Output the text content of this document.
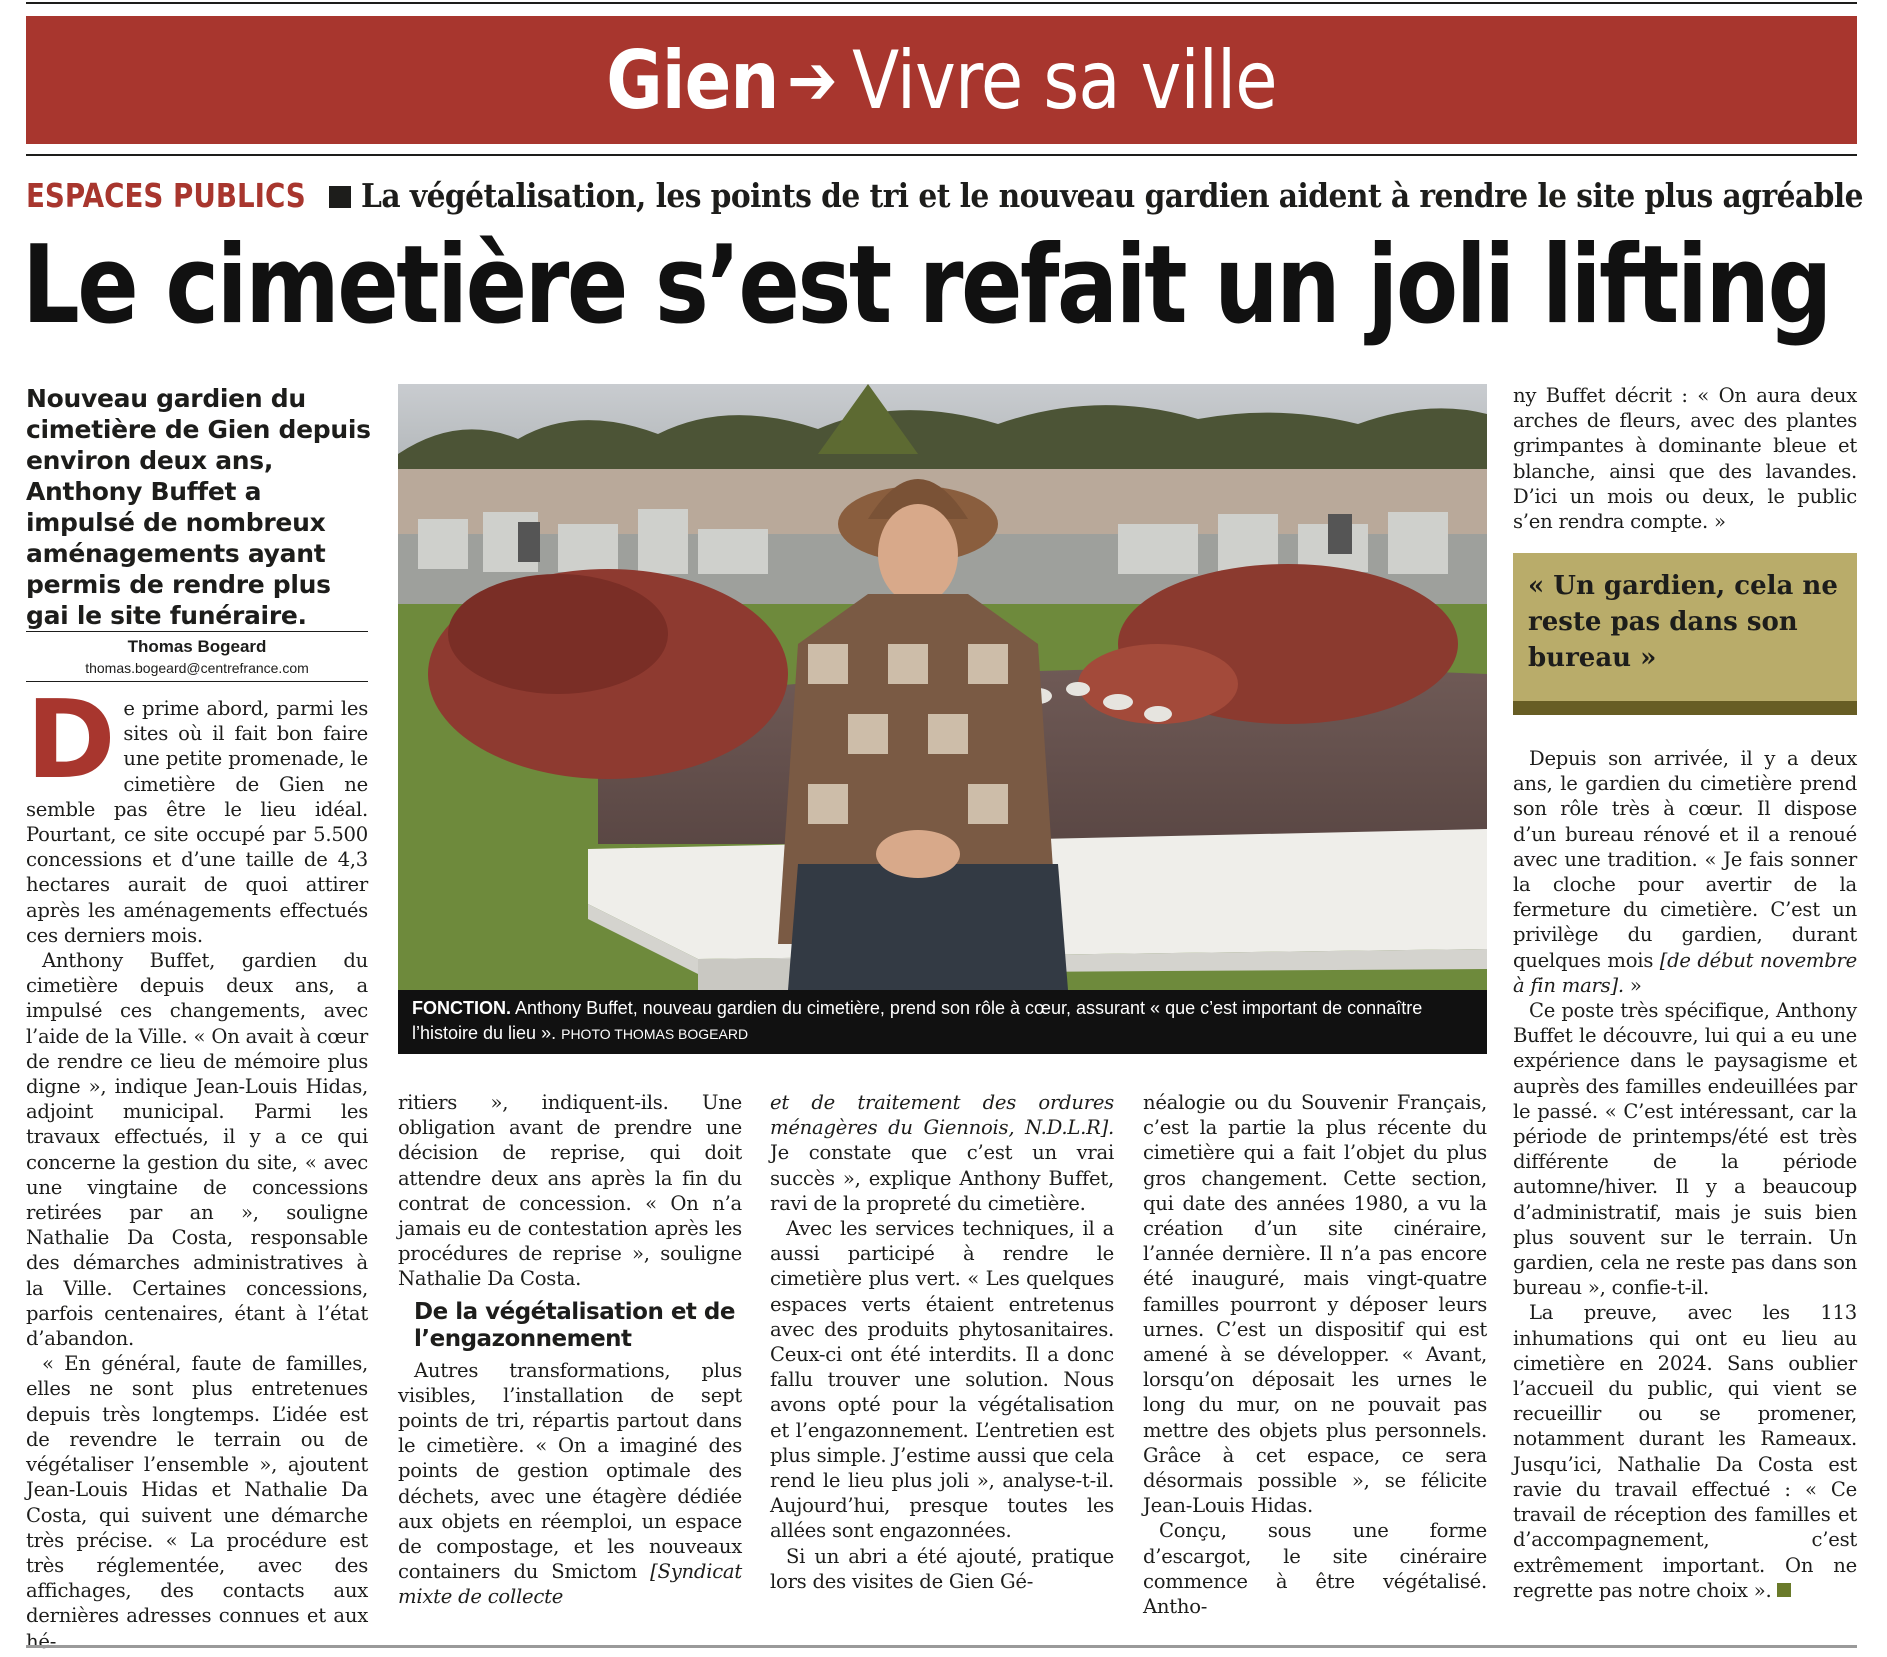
Gien ➔ Vivre sa ville
ESPACES PUBLICS La végétalisation, les points de tri et le nouveau gardien aident à rendre le site plus agréable
Le cimetière s’est refait un joli lifting
Nouveau gardien du cimetière de Gien depuis environ deux ans, Anthony Buffet a impulsé de nombreux aménagements ayant permis de rendre plus gai le site funéraire.
Thomas Bogeard
thomas.bogeard@centrefrance.com
D e prime abord, parmi les sites où il fait bon faire une petite promenade, le cimetière de Gien ne semble pas être le lieu idéal. Pourtant, ce site occupé par 5.500 concessions et d’une taille de 4,3 hectares aurait de quoi attirer après les aménagements effectués ces derniers mois.

Anthony Buffet, gardien du cimetière depuis deux ans, a impulsé ces changements, avec l’aide de la Ville. « On avait à cœur de rendre ce lieu de mémoire plus digne », indique Jean-Louis Hidas, adjoint municipal. Parmi les travaux effectués, il y a ce qui concerne la gestion du site, « avec une vingtaine de concessions retirées par an », souligne Nathalie Da Costa, responsable des démarches administratives à la Ville. Certaines concessions, parfois centenaires, étant à l’état d’abandon.

« En général, faute de familles, elles ne sont plus entretenues depuis très longtemps. L’idée est de revendre le terrain ou de végétaliser l’ensemble », ajoutent Jean-Louis Hidas et Nathalie Da Costa, qui suivent une démarche très précise. « La procédure est très réglementée, avec des affichages, des contacts aux dernières adresses connues et aux hé-

FONCTION. Anthony Buffet, nouveau gardien du cimetière, prend son rôle à cœur, assurant « que c’est important de connaître l’histoire du lieu ». PHOTO THOMAS BOGEARD

ritiers », indiquent-ils. Une obligation avant de prendre une décision de reprise, qui doit attendre deux ans après la fin du contrat de concession. « On n’a jamais eu de contestation après les procédures de reprise », souligne Nathalie Da Costa.

De la végétalisation et de l’engazonnement

Autres transformations, plus visibles, l’installation de sept points de tri, répartis partout dans le cimetière. « On a imaginé des points de gestion optimale des déchets, avec une étagère dédiée aux objets en réemploi, un espace de compostage, et les nouveaux containers du Smictom [Syndicat mixte de collecte

et de traitement des ordures ménagères du Giennois, N.D.L.R]. Je constate que c’est un vrai succès », explique Anthony Buffet, ravi de la propreté du cimetière.

Avec les services techniques, il a aussi participé à rendre le cimetière plus vert. « Les quelques espaces verts étaient entretenus avec des produits phytosanitaires. Ceux-ci ont été interdits. Il a donc fallu trouver une solution. Nous avons opté pour la végétalisation et l’engazonnement. L’entretien est plus simple. J’estime aussi que cela rend le lieu plus joli », analyse-t-il. Aujourd’hui, presque toutes les allées sont engazonnées.

Si un abri a été ajouté, pratique lors des visites de Gien Gé-

néalogie ou du Souvenir Français, c’est la partie la plus récente du cimetière qui a fait l’objet du plus gros changement. Cette section, qui date des années 1980, a vu la création d’un site cinéraire, l’année dernière. Il n’a pas encore été inauguré, mais vingt-quatre familles pourront y déposer leurs urnes. C’est un dispositif qui est amené à se développer. « Avant, lorsqu’on déposait les urnes le long du mur, on ne pouvait pas mettre des objets plus personnels. Grâce à cet espace, ce sera désormais possible », se félicite Jean-Louis Hidas.

Conçu, sous une forme d’escargot, le site cinéraire commence à être végétalisé. Antho-

ny Buffet décrit : « On aura deux arches de fleurs, avec des plantes grimpantes à dominante bleue et blanche, ainsi que des lavandes. D’ici un mois ou deux, le public s’en rendra compte. »

« Un gardien, cela ne reste pas dans son bureau »

Depuis son arrivée, il y a deux ans, le gardien du cimetière prend son rôle très à cœur. Il dispose d’un bureau rénové et il a renoué avec une tradition. « Je fais sonner la cloche pour avertir de la fermeture du cimetière. C’est un privilège du gardien, durant quelques mois [de début novembre à fin mars]. »

Ce poste très spécifique, Anthony Buffet le découvre, lui qui a eu une expérience dans le paysagisme et auprès des familles endeuillées par le passé. « C’est intéressant, car la période de printemps/été est très différente de la période automne/hiver. Il y a beaucoup d’administratif, mais je suis bien plus souvent sur le terrain. Un gardien, cela ne reste pas dans son bureau », confie-t-il.

La preuve, avec les 113 inhumations qui ont eu lieu au cimetière en 2024. Sans oublier l’accueil du public, qui vient se recueillir ou se promener, notamment durant les Rameaux. Jusqu’ici, Nathalie Da Costa est ravie du travail effectué : « Ce travail de réception des familles et d’accompagnement, c’est extrêmement important. On ne regrette pas notre choix ».
